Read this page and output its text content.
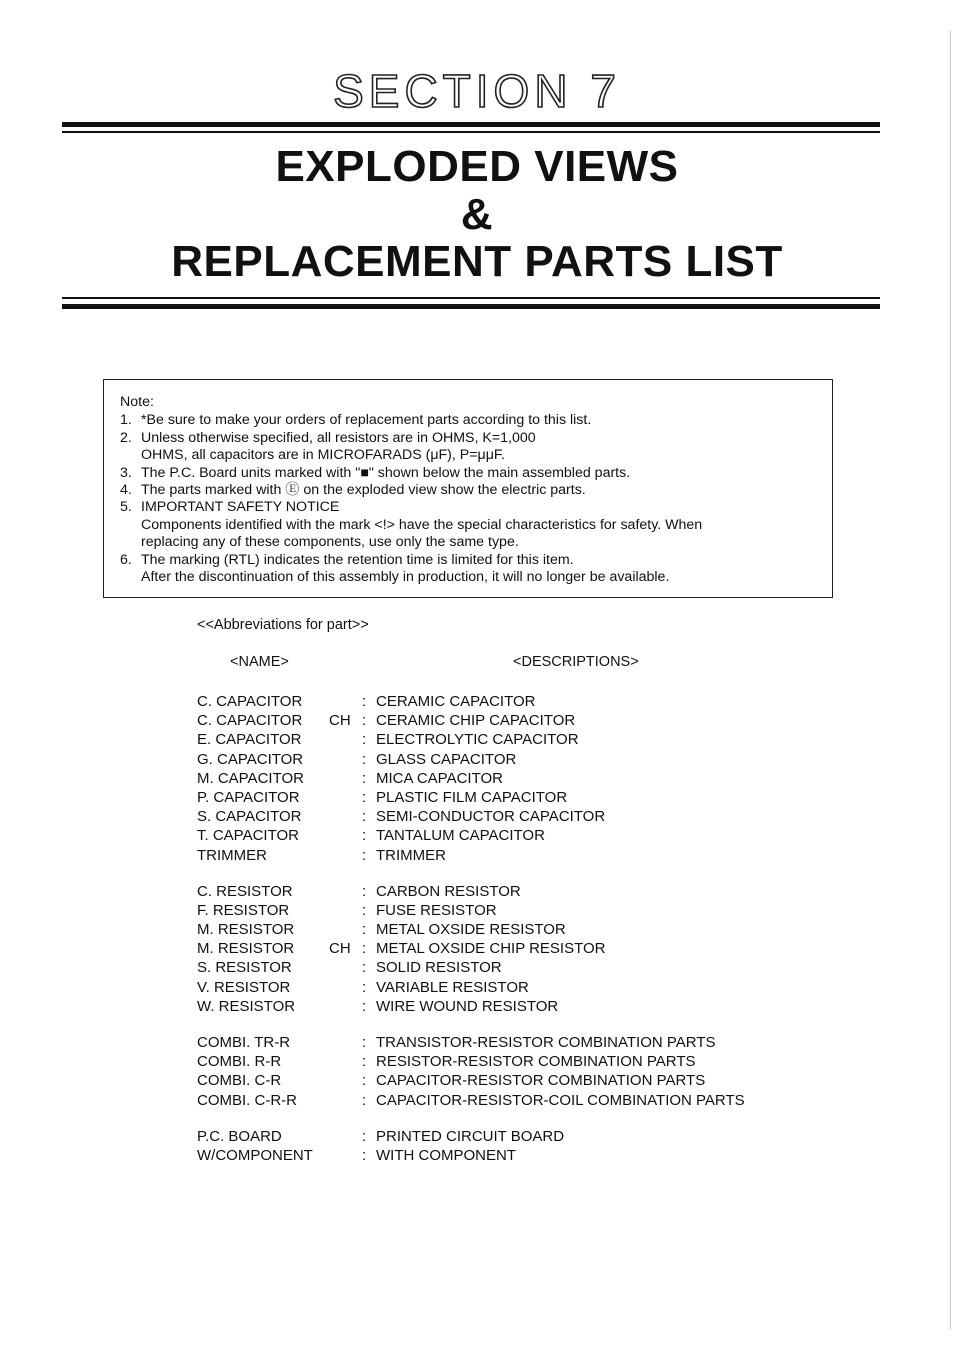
SECTION 7
EXPLODED VIEWS
&
REPLACEMENT PARTS LIST
Note:
1. *Be sure to make your orders of replacement parts according to this list.
2. Unless otherwise specified, all resistors are in OHMS, K=1,000
OHMS, all capacitors are in MICROFARADS (μF), P=μμF.
3. The P.C. Board units marked with "■" shown below the main assembled parts.
4. The parts marked with Ⓔ on the exploded view show the electric parts.
5. IMPORTANT SAFETY NOTICE
Components identified with the mark <!> have the special characteristics for safety. When
replacing any of these components, use only the same type.
6. The marking (RTL) indicates the retention time is limited for this item.
After the discontinuation of this assembly in production, it will no longer be available.
<<Abbreviations for part>>
<NAME>	<DESCRIPTIONS>
C. CAPACITOR	: CERAMIC CAPACITOR
C. CAPACITOR CH : CERAMIC CHIP CAPACITOR
E. CAPACITOR	: ELECTROLYTIC CAPACITOR
G. CAPACITOR	: GLASS CAPACITOR
M. CAPACITOR	: MICA CAPACITOR
P. CAPACITOR	: PLASTIC FILM CAPACITOR
S. CAPACITOR	: SEMI-CONDUCTOR CAPACITOR
T. CAPACITOR	: TANTALUM CAPACITOR
TRIMMER	: TRIMMER
C. RESISTOR	: CARBON RESISTOR
F. RESISTOR	: FUSE RESISTOR
M. RESISTOR	: METAL OXSIDE RESISTOR
M. RESISTOR CH : METAL OXSIDE CHIP RESISTOR
S. RESISTOR	: SOLID RESISTOR
V. RESISTOR	: VARIABLE RESISTOR
W. RESISTOR	: WIRE WOUND RESISTOR
COMBI. TR-R	: TRANSISTOR-RESISTOR COMBINATION PARTS
COMBI. R-R	: RESISTOR-RESISTOR COMBINATION PARTS
COMBI. C-R	: CAPACITOR-RESISTOR COMBINATION PARTS
COMBI. C-R-R	: CAPACITOR-RESISTOR-COIL COMBINATION PARTS
P.C. BOARD	: PRINTED CIRCUIT BOARD
W/COMPONENT	: WITH COMPONENT
